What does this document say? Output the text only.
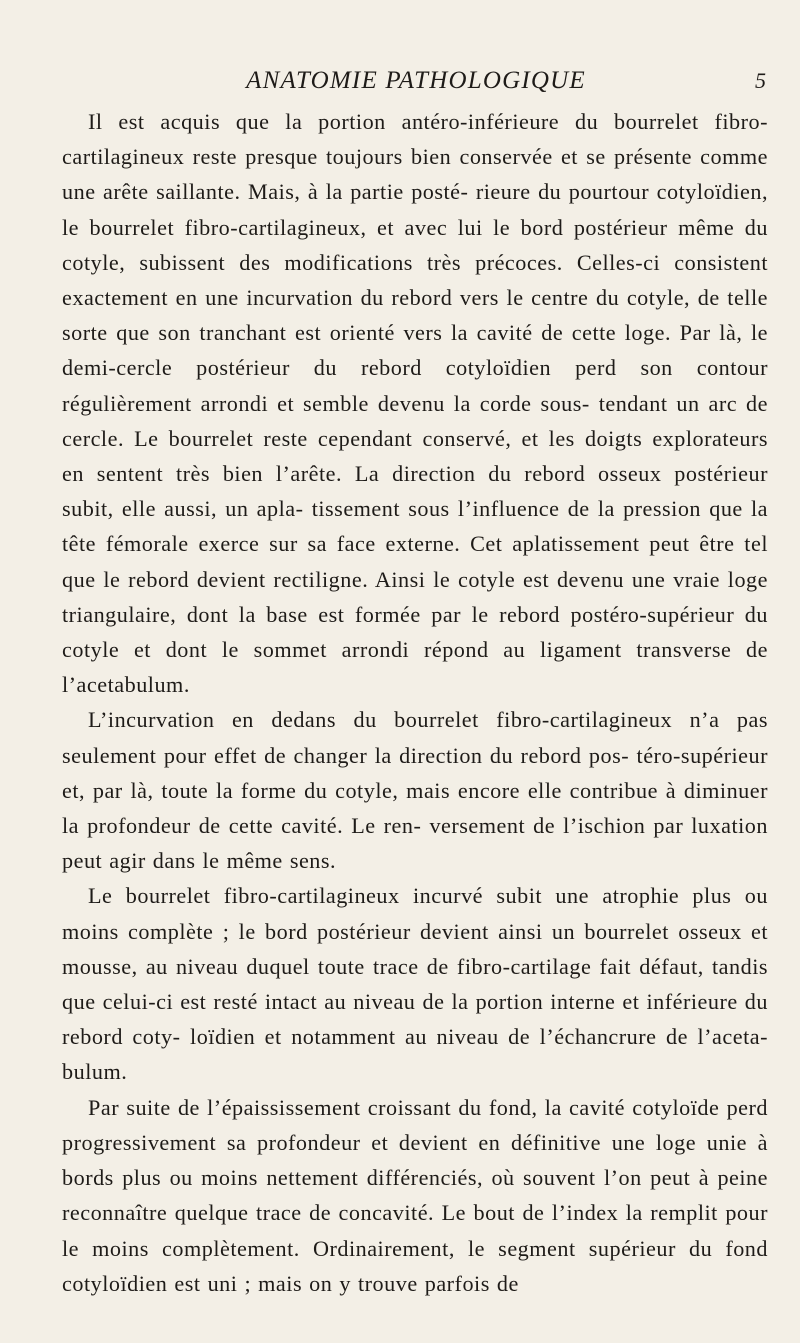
ANATOMIE PATHOLOGIQUE	5

Il est acquis que la portion antéro-inférieure du bourrelet fibro-cartilagineux reste presque toujours bien conservée et se présente comme une arête saillante. Mais, à la partie posté- rieure du pourtour cotyloïdien, le bourrelet fibro-cartilagineux, et avec lui le bord postérieur même du cotyle, subissent des modifications très précoces. Celles-ci consistent exactement en une incurvation du rebord vers le centre du cotyle, de telle sorte que son tranchant est orienté vers la cavité de cette loge. Par là, le demi-cercle postérieur du rebord cotyloïdien perd son contour régulièrement arrondi et semble devenu la corde sous- tendant un arc de cercle. Le bourrelet reste cependant conservé, et les doigts explorateurs en sentent très bien l’arête. La direction du rebord osseux postérieur subit, elle aussi, un apla- tissement sous l’influence de la pression que la tête fémorale exerce sur sa face externe. Cet aplatissement peut être tel que le rebord devient rectiligne. Ainsi le cotyle est devenu une vraie loge triangulaire, dont la base est formée par le rebord postéro-supérieur du cotyle et dont le sommet arrondi répond au ligament transverse de l’acetabulum.

L’incurvation en dedans du bourrelet fibro-cartilagineux n’a pas seulement pour effet de changer la direction du rebord pos- téro-supérieur et, par là, toute la forme du cotyle, mais encore elle contribue à diminuer la profondeur de cette cavité. Le ren- versement de l’ischion par luxation peut agir dans le même sens.

Le bourrelet fibro-cartilagineux incurvé subit une atrophie plus ou moins complète ; le bord postérieur devient ainsi un bourrelet osseux et mousse, au niveau duquel toute trace de fibro-cartilage fait défaut, tandis que celui-ci est resté intact au niveau de la portion interne et inférieure du rebord coty- loïdien et notamment au niveau de l’échancrure de l’aceta- bulum.

Par suite de l’épaississement croissant du fond, la cavité cotyloïde perd progressivement sa profondeur et devient en définitive une loge unie à bords plus ou moins nettement différenciés, où souvent l’on peut à peine reconnaître quelque trace de concavité. Le bout de l’index la remplit pour le moins complètement. Ordinairement, le segment supérieur du fond cotyloïdien est uni ; mais on y trouve parfois de
